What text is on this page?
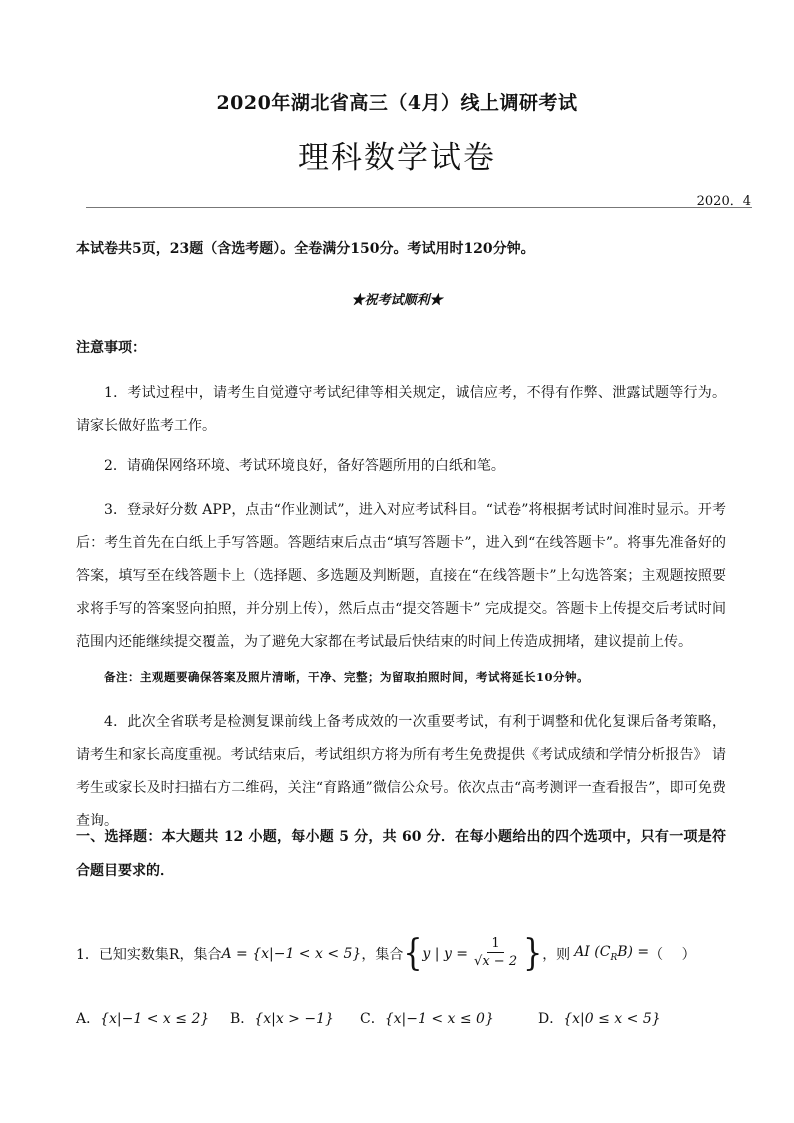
2020年湖北省高三（4月）线上调研考试

理科数学试卷

2020．4

本试卷共5页，23题（含选考题）。全卷满分150分。考试用时120分钟。

★祝考试顺利★

注意事项：

1．考试过程中，请考生自觉遵守考试纪律等相关规定，诚信应考，不得有作弊、泄露试题等行为。请家长做好监考工作。

2．请确保网络环境、考试环境良好，备好答题所用的白纸和笔。

3．登录好分数 APP，点击“作业测试”，进入对应考试科目。“试卷”将根据考试时间准时显示。开考后：考生首先在白纸上手写答题。答题结束后点击“填写答题卡”，进入到“在线答题卡”。将事先准备好的答案，填写至在线答题卡上（选择题、多选题及判断题，直接在“在线答题卡”上勾选答案；主观题按照要求将手写的答案竖向拍照，并分别上传），然后点击“提交答题卡” 完成提交。答题卡上传提交后考试时间范围内还能继续提交覆盖，为了避免大家都在考试最后快结束的时间上传造成拥堵，建议提前上传。

备注：主观题要确保答案及照片清晰，干净、完整；为留取拍照时间，考试将延长10分钟。

4．此次全省联考是检测复课前线上备考成效的一次重要考试，有利于调整和优化复课后备考策略，请考生和家长高度重视。考试结束后，考试组织方将为所有考生免费提供《考试成绩和学情分析报告》 请考生或家长及时扫描右方二维码，关注“育路通”微信公众号。依次点击“高考测评一查看报告”，即可免费查询。

一、选择题：本大题共 12 小题，每小题 5 分，共 60 分．在每小题给出的四个选项中，只有一项是符合题目要求的．

1．已知实数集R，集合 A = {x|−1 < x < 5} ，集合 { y | $y = \frac{1}{√x - 2}$ } ，则 AI $(C_RB)$ = （　 ）
A．{x|−1 < x ≤ 2} B．{x|x > −1} C．{x|−1 < x ≤ 0}	D．{x|0 ≤ x < 5}
